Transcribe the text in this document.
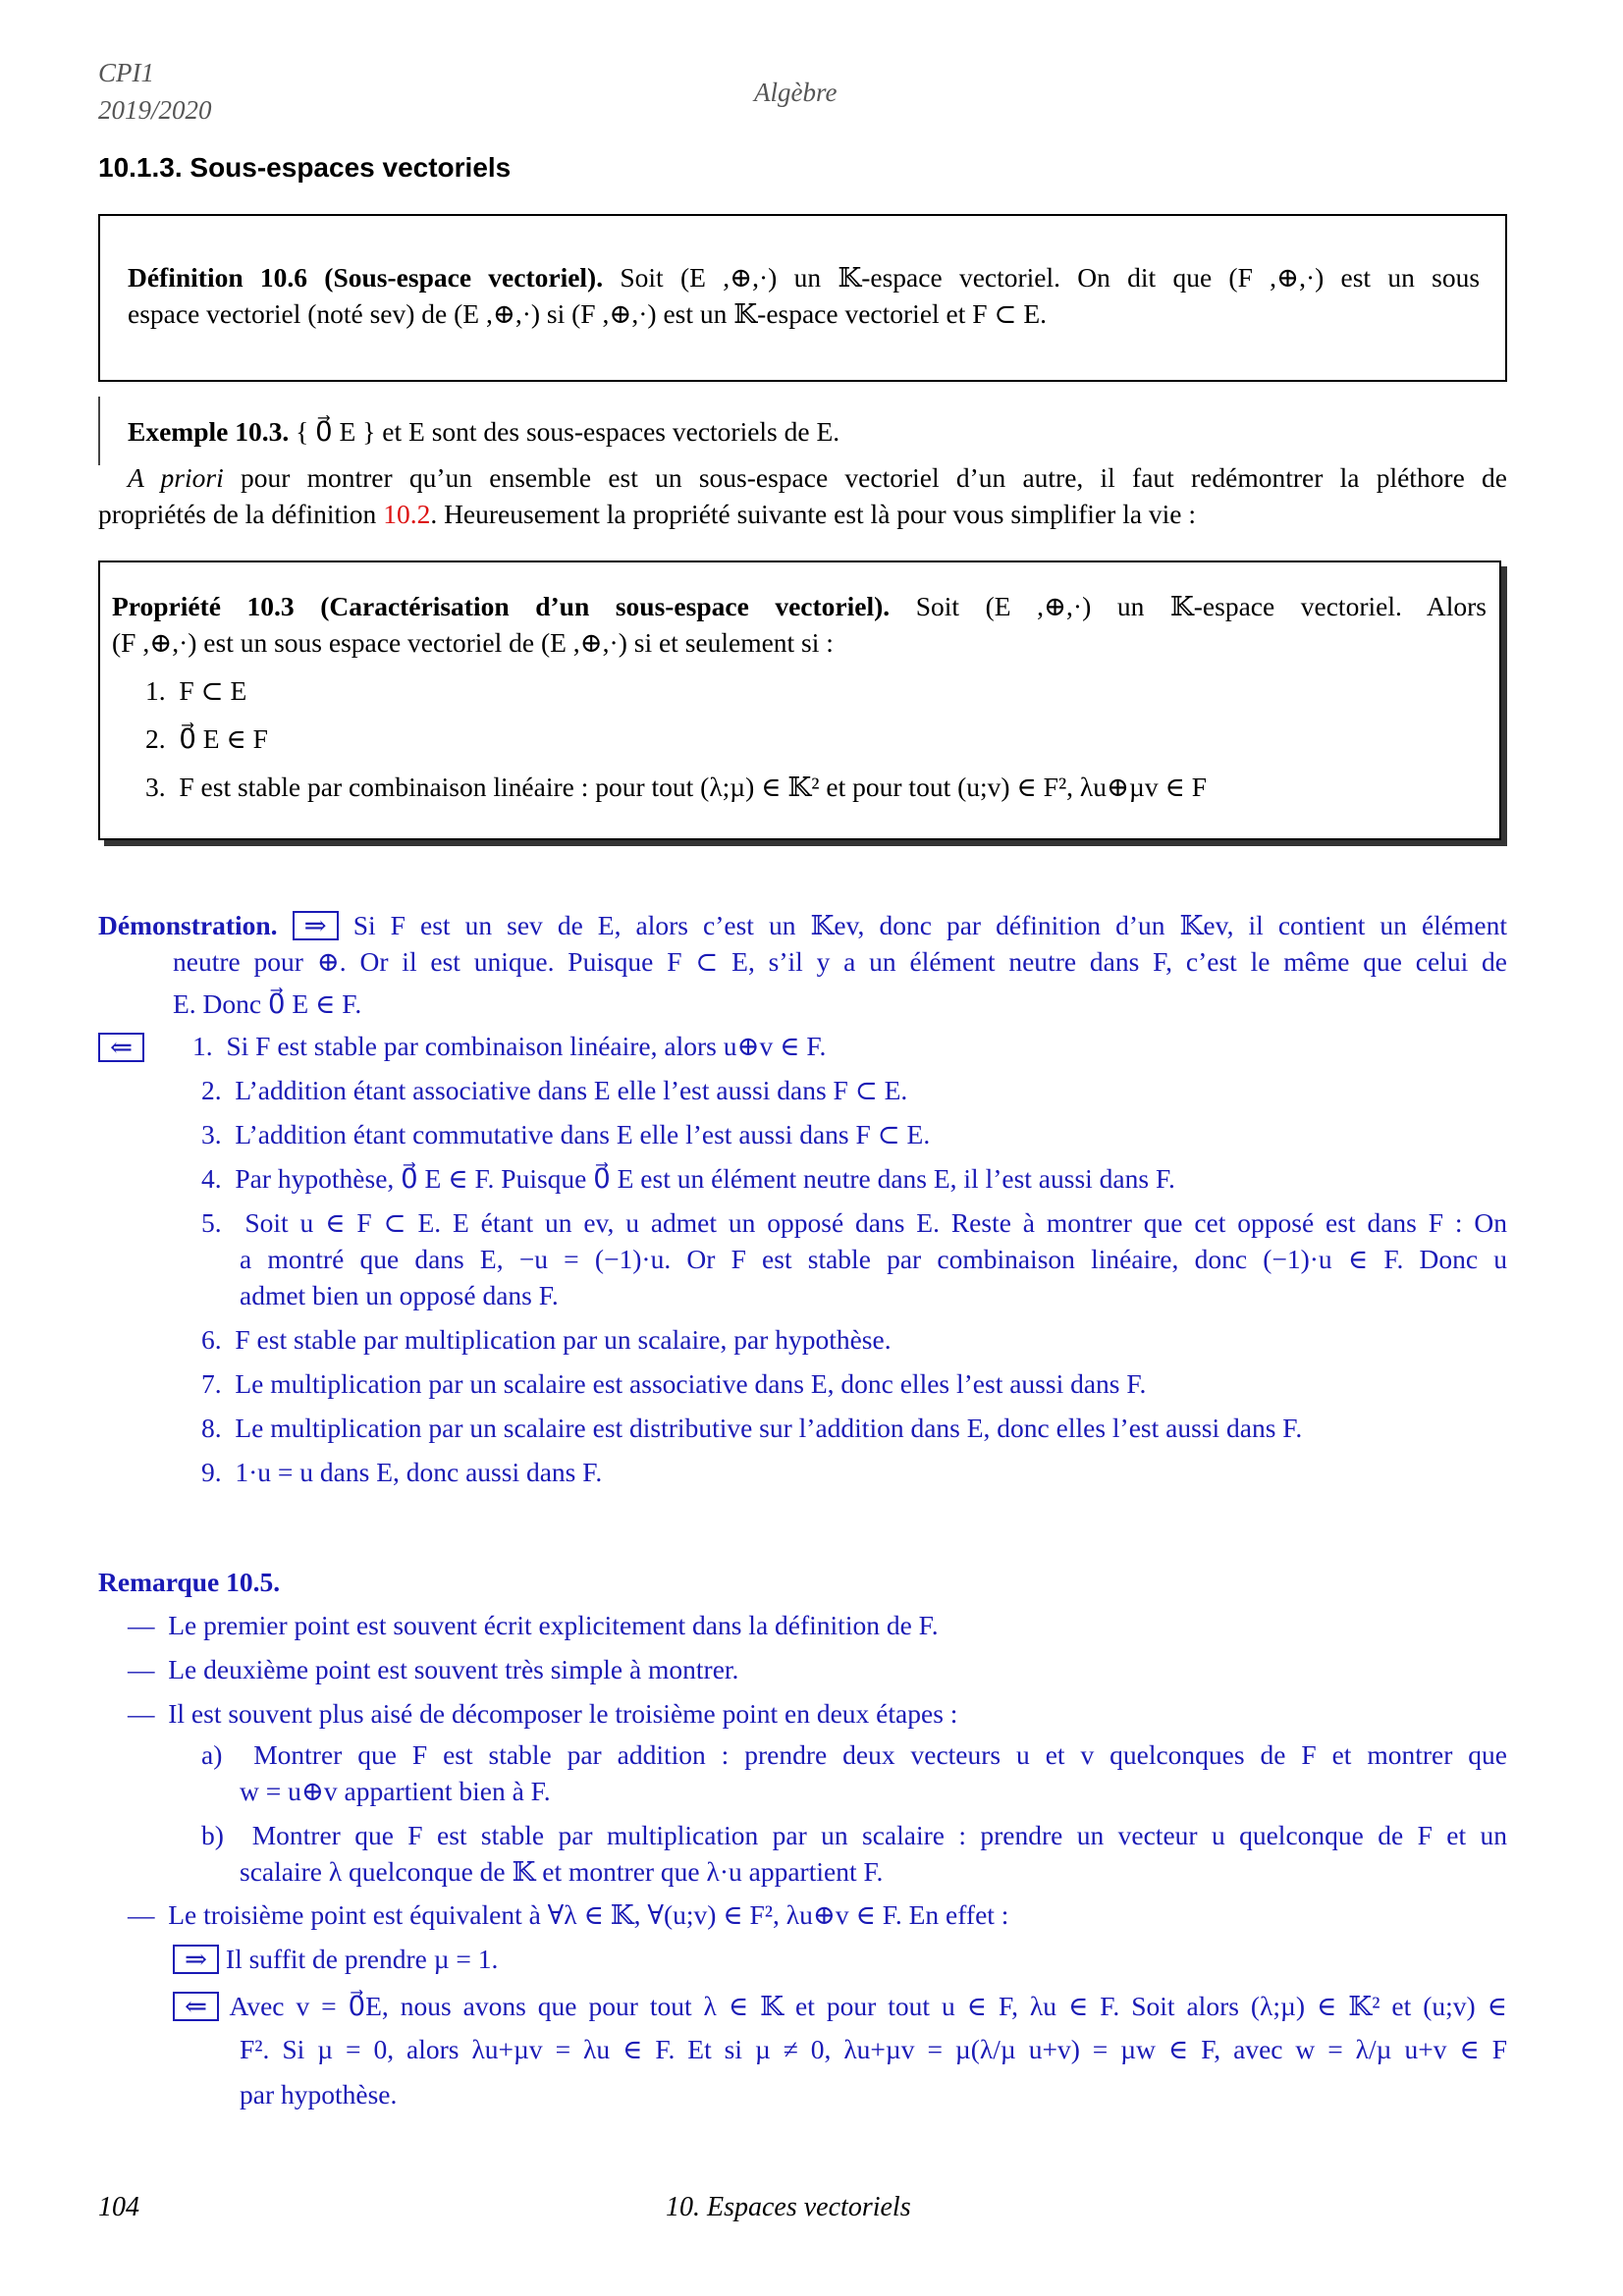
CPI1
2019/2020
Algèbre
10.1.3. Sous-espaces vectoriels
Définition 10.6 (Sous-espace vectoriel). Soit (E ,⊕,·) un 𝕂-espace vectoriel. On dit que (F ,⊕,·) est un sous
espace vectoriel (noté sev) de (E ,⊕,·) si (F ,⊕,·) est un 𝕂-espace vectoriel et F ⊂ E.
Exemple 10.3. { 0⃗ E } et E sont des sous-espaces vectoriels de E.
A priori pour montrer qu’un ensemble est un sous-espace vectoriel d’un autre, il faut redémontrer la pléthore de
propriétés de la définition 10.2. Heureusement la propriété suivante est là pour vous simplifier la vie :
Propriété 10.3 (Caractérisation d’un sous-espace vectoriel). Soit (E ,⊕,·) un 𝕂-espace vectoriel. Alors
(F ,⊕,·) est un sous espace vectoriel de (E ,⊕,·) si et seulement si :
1. F ⊂ E
2. 0⃗ E ∈ F
3. F est stable par combinaison linéaire : pour tout (λ;µ) ∈ 𝕂² et pour tout (u;v) ∈ F², λu⊕µv ∈ F
Démonstration. ⇒ Si F est un sev de E, alors c’est un 𝕂ev, donc par définition d’un 𝕂ev, il contient un élément
neutre pour ⊕. Or il est unique. Puisque F ⊂ E, s’il y a un élément neutre dans F, c’est le même que celui de
E. Donc 0⃗ E ∈ F.
⇐	1. Si F est stable par combinaison linéaire, alors u⊕v ∈ F.
2. L’addition étant associative dans E elle l’est aussi dans F ⊂ E.
3. L’addition étant commutative dans E elle l’est aussi dans F ⊂ E.
4. Par hypothèse, 0⃗ E ∈ F. Puisque 0⃗ E est un élément neutre dans E, il l’est aussi dans F.
5. Soit u ∈ F ⊂ E. E étant un ev, u admet un opposé dans E. Reste à montrer que cet opposé est dans F : On
a montré que dans E, −u = (−1)·u. Or F est stable par combinaison linéaire, donc (−1)·u ∈ F. Donc u
admet bien un opposé dans F.
6. F est stable par multiplication par un scalaire, par hypothèse.
7. Le multiplication par un scalaire est associative dans E, donc elles l’est aussi dans F.
8. Le multiplication par un scalaire est distributive sur l’addition dans E, donc elles l’est aussi dans F.
9. 1·u = u dans E, donc aussi dans F.
Remarque 10.5.
— Le premier point est souvent écrit explicitement dans la définition de F.
— Le deuxième point est souvent très simple à montrer.
— Il est souvent plus aisé de décomposer le troisième point en deux étapes :
a) Montrer que F est stable par addition : prendre deux vecteurs u et v quelconques de F et montrer que
w = u⊕v appartient bien à F.
b) Montrer que F est stable par multiplication par un scalaire : prendre un vecteur u quelconque de F et un
scalaire λ quelconque de 𝕂 et montrer que λ·u appartient F.
— Le troisième point est équivalent à ∀λ ∈ 𝕂, ∀(u;v) ∈ F², λu⊕v ∈ F. En effet :
⇒ Il suffit de prendre µ = 1.
⇐ Avec v = 0⃗E, nous avons que pour tout λ ∈ 𝕂 et pour tout u ∈ F, λu ∈ F. Soit alors (λ;µ) ∈ 𝕂² et (u;v) ∈
F². Si µ = 0, alors λu+µv = λu ∈ F. Et si µ ≠ 0, λu+µv = µ(λ/µ u+v) = µw ∈ F, avec w = λ/µ u+v ∈ F
par hypothèse.
104	10. Espaces vectoriels
